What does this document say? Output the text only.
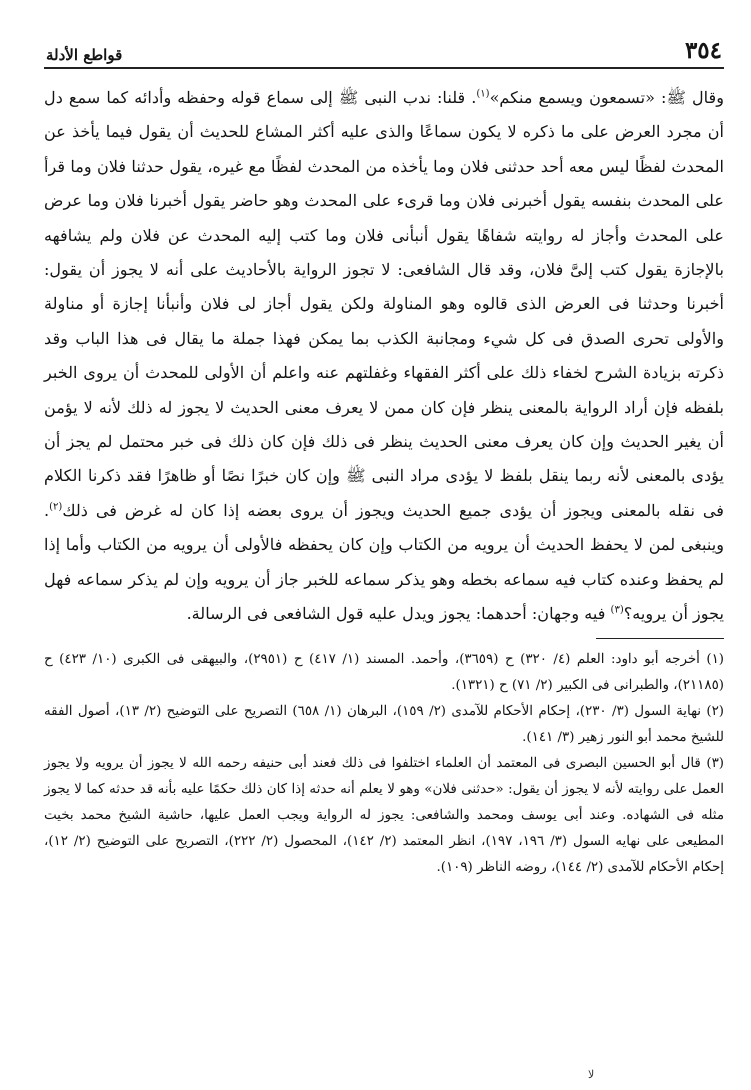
٣٥٤
قواطع الأدلة

وقال ﷺ: «تسمعون ويسمع منكم»$^{(١)}$. قلنا: ندب النبى ﷺ إلى سماع قوله وحفظه وأدائه كما سمع دل أن مجرد العرض على ما ذكره لا يكون سماعًا والذى عليه أكثر المشاع للحديث أن يقول فيما يأخذ عن المحدث لفظًا ليس معه أحد حدثنى فلان وما يأخذه من المحدث لفظًا مع غيره، يقول حدثنا فلان وما قرأ على المحدث بنفسه يقول أخبرنى فلان وما قرىء على المحدث وهو حاضر يقول أخبرنا فلان وما عرض على المحدث وأجاز له روايته شفاهًا يقول أنبأنى فلان وما كتب إليه المحدث عن فلان ولم يشافهه بالإجازة يقول كتب إلىَّ فلان، وقد قال الشافعى: لا تجوز الرواية بالأحاديث على أنه لا يجوز أن يقول: أخبرنا وحدثنا فى العرض الذى قالوه وهو المناولة ولكن يقول أجاز لى فلان وأنبأنا إجازة أو مناولة والأولى تحرى الصدق فى كل شيء ومجانبة الكذب بما يمكن فهذا جملة ما يقال فى هذا الباب وقد ذكرته بزيادة الشرح لخفاء ذلك على أكثر الفقهاء وغفلتهم عنه واعلم أن الأولى للمحدث أن يروى الخبر بلفظه فإن أراد الرواية بالمعنى ينظر فإن كان ممن لا يعرف معنى الحديث لا يجوز له ذلك لأنه لا يؤمن أن يغير الحديث وإن كان يعرف معنى الحديث ينظر فى ذلك فإن كان ذلك فى خبر محتمل لم يجز أن يؤدى بالمعنى لأنه ربما ينقل بلفظ لا يؤدى مراد النبى ﷺ وإن كان خبرًا نصًا أو ظاهرًا فقد ذكرنا الكلام فى نقله بالمعنى ويجوز أن يؤدى جميع الحديث ويجوز أن يروى بعضه إذا كان له غرض فى ذلك$^{(٢)}$. وينبغى لمن لا يحفظ الحديث أن يرويه من الكتاب وإن كان يحفظه فالأولى أن يرويه من الكتاب وأما إذا لم يحفظ وعنده كتاب فيه سماعه بخطه وهو يذكر سماعه للخبر جاز أن يرويه وإن لم يذكر سماعه فهل يجوز أن يرويه؟$^{(٣)}$ فيه وجهان: أحدهما: يجوز ويدل عليه قول الشافعى فى الرسالة.

(١) أخرجه أبو داود: العلم (٤/ ٣٢٠) ح (٣٦٥٩)، وأحمد. المسند (١/ ٤١٧) ح (٢٩٥١)، والبيهقى فى الكبرى (١٠/ ٤٢٣) ح (٢١١٨٥)، والطبرانى فى الكبير (٢/ ٧١) ح (١٣٢١).

(٢) نهاية السول (٣/ ٢٣٠)، إحكام الأحكام للآمدى (٢/ ١٥٩)، البرهان (١/ ٦٥٨) التصريح على التوضيح (٢/ ١٣)، أصول الفقه للشيخ محمد أبو النور زهير (٣/ ١٤١).

(٣) قال أبو الحسين البصرى فى المعتمد أن العلماء اختلفوا فى ذلك فعند أبى حنيفه رحمه الله لا يجوز أن يرويه ولا يجوز العمل على روايته لأنه لا يجوز أن يقول: «حدثنى فلان» وهو لا يعلم أنه حدثه إذا كان ذلك حكمًا عليه بأنه قد حدثه كما لا يجوز مثله فى الشهاده. وعند أبى يوسف ومحمد والشافعى: يجوز له الرواية ويجب العمل عليها، حاشية الشيخ محمد بخيت المطيعى على نهايه السول (٣/ ١٩٦، ١٩٧)، انظر المعتمد (٢/ ١٤٢)، المحصول (٢/ ٢٢٢)، التصريح على التوضيح (٢/ ١٢)، إحكام الأحكام للآمدى (٢/ ١٤٤)، روضه الناظر (١٠٩).

ﻻ
